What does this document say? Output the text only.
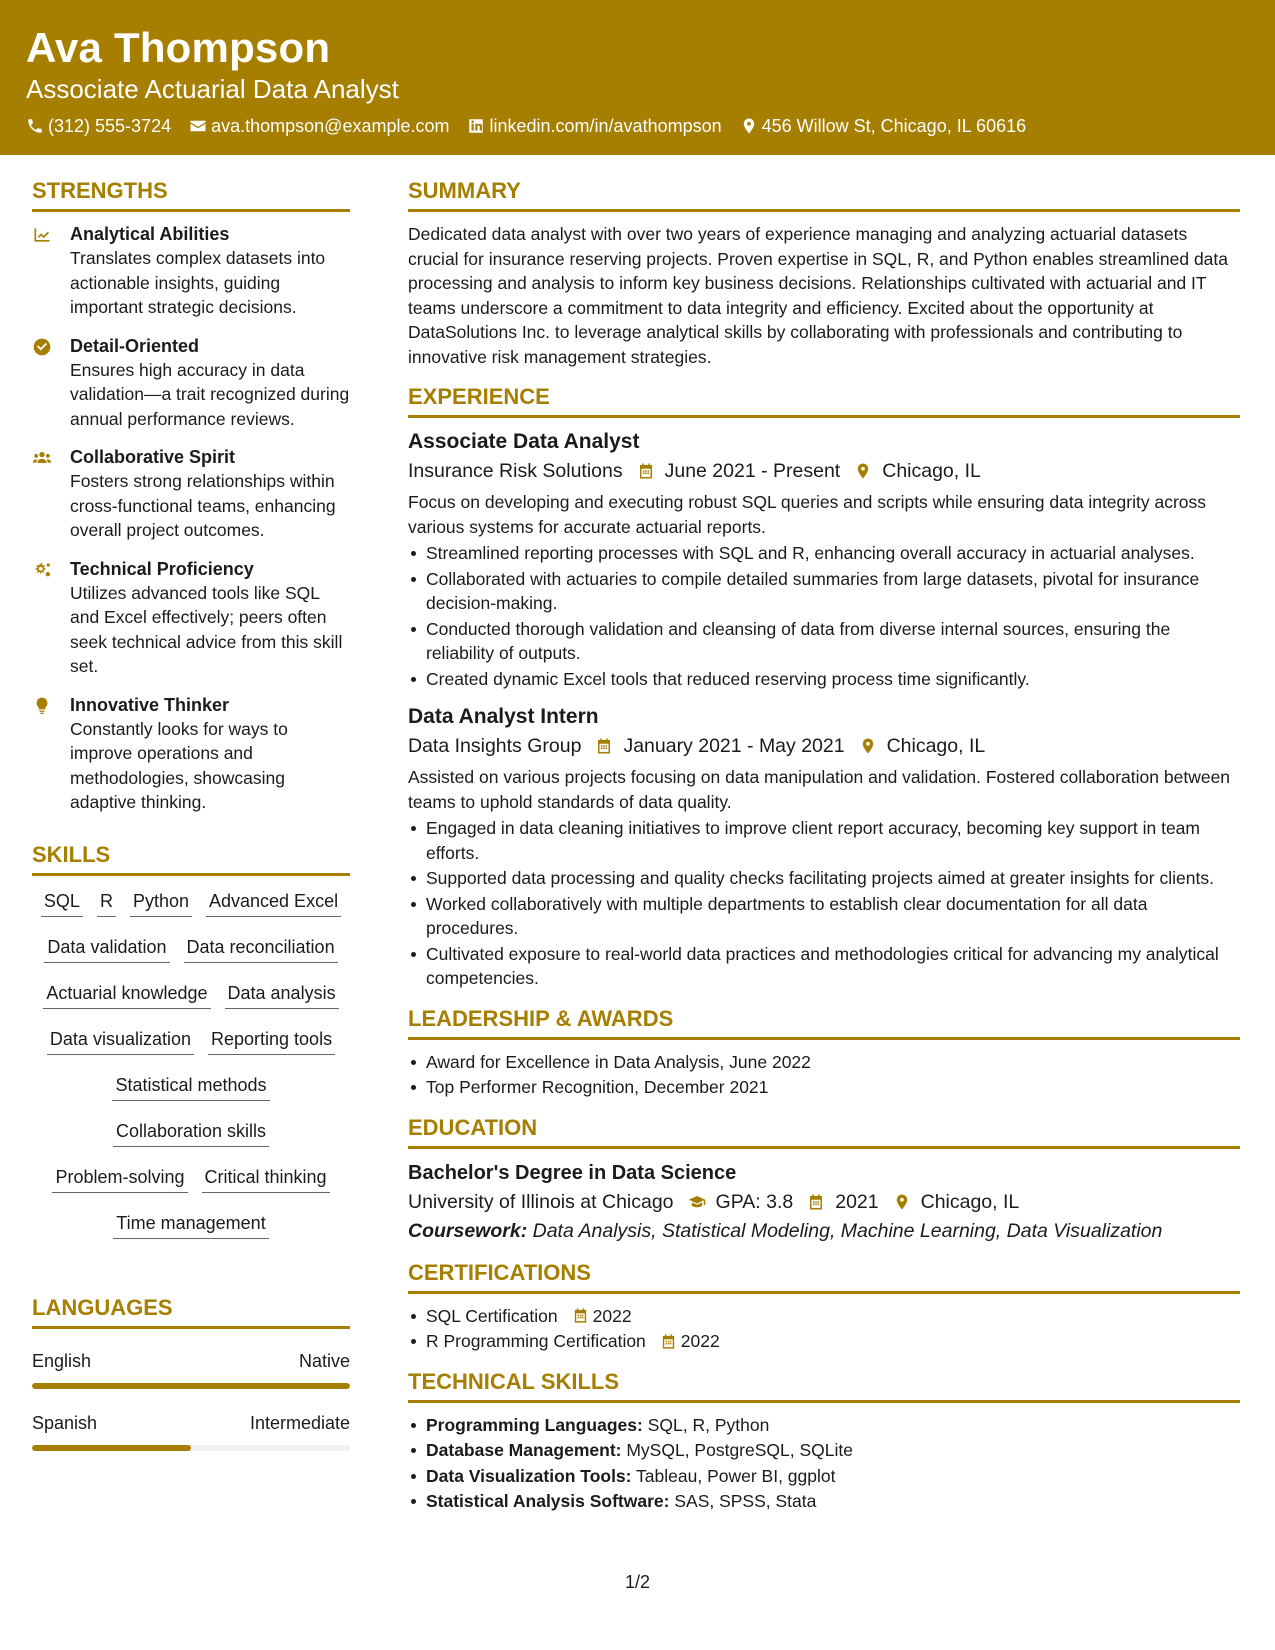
Ava Thompson
Associate Actuarial Data Analyst
(312) 555-3724 ava.thompson@example.com linkedin.com/in/avathompson 456 Willow St, Chicago, IL 60616
STRENGTHS
Analytical Abilities
Translates complex datasets into actionable insights, guiding important strategic decisions.
Detail-Oriented
Ensures high accuracy in data validation—a trait recognized during annual performance reviews.
Collaborative Spirit
Fosters strong relationships within cross-functional teams, enhancing overall project outcomes.
Technical Proficiency
Utilizes advanced tools like SQL and Excel effectively; peers often seek technical advice from this skill set.
Innovative Thinker
Constantly looks for ways to improve operations and methodologies, showcasing adaptive thinking.
SKILLS
SQL R Python Advanced Excel
Data validation Data reconciliation
Actuarial knowledge Data analysis
Data visualization Reporting tools
Statistical methods
Collaboration skills
Problem-solving Critical thinking
Time management
LANGUAGES
English	Native
Spanish	Intermediate
SUMMARY
Dedicated data analyst with over two years of experience managing and analyzing actuarial datasets crucial for insurance reserving projects. Proven expertise in SQL, R, and Python enables streamlined data processing and analysis to inform key business decisions. Relationships cultivated with actuarial and IT teams underscore a commitment to data integrity and efficiency. Excited about the opportunity at DataSolutions Inc. to leverage analytical skills by collaborating with professionals and contributing to innovative risk management strategies.
EXPERIENCE
Associate Data Analyst
Insurance Risk Solutions June 2021 - Present Chicago, IL
Focus on developing and executing robust SQL queries and scripts while ensuring data integrity across various systems for accurate actuarial reports.
Streamlined reporting processes with SQL and R, enhancing overall accuracy in actuarial analyses.
Collaborated with actuaries to compile detailed summaries from large datasets, pivotal for insurance decision-making.
Conducted thorough validation and cleansing of data from diverse internal sources, ensuring the reliability of outputs.
Created dynamic Excel tools that reduced reserving process time significantly.
Data Analyst Intern
Data Insights Group January 2021 - May 2021 Chicago, IL
Assisted on various projects focusing on data manipulation and validation. Fostered collaboration between teams to uphold standards of data quality.
Engaged in data cleaning initiatives to improve client report accuracy, becoming key support in team efforts.
Supported data processing and quality checks facilitating projects aimed at greater insights for clients.
Worked collaboratively with multiple departments to establish clear documentation for all data procedures.
Cultivated exposure to real-world data practices and methodologies critical for advancing my analytical competencies.
LEADERSHIP & AWARDS
Award for Excellence in Data Analysis, June 2022
Top Performer Recognition, December 2021
EDUCATION
Bachelor's Degree in Data Science
University of Illinois at Chicago GPA: 3.8 2021 Chicago, IL
Coursework: Data Analysis, Statistical Modeling, Machine Learning, Data Visualization
CERTIFICATIONS
SQL Certification 2022
R Programming Certification 2022
TECHNICAL SKILLS
Programming Languages: SQL, R, Python
Database Management: MySQL, PostgreSQL, SQLite
Data Visualization Tools: Tableau, Power BI, ggplot
Statistical Analysis Software: SAS, SPSS, Stata
1/2
